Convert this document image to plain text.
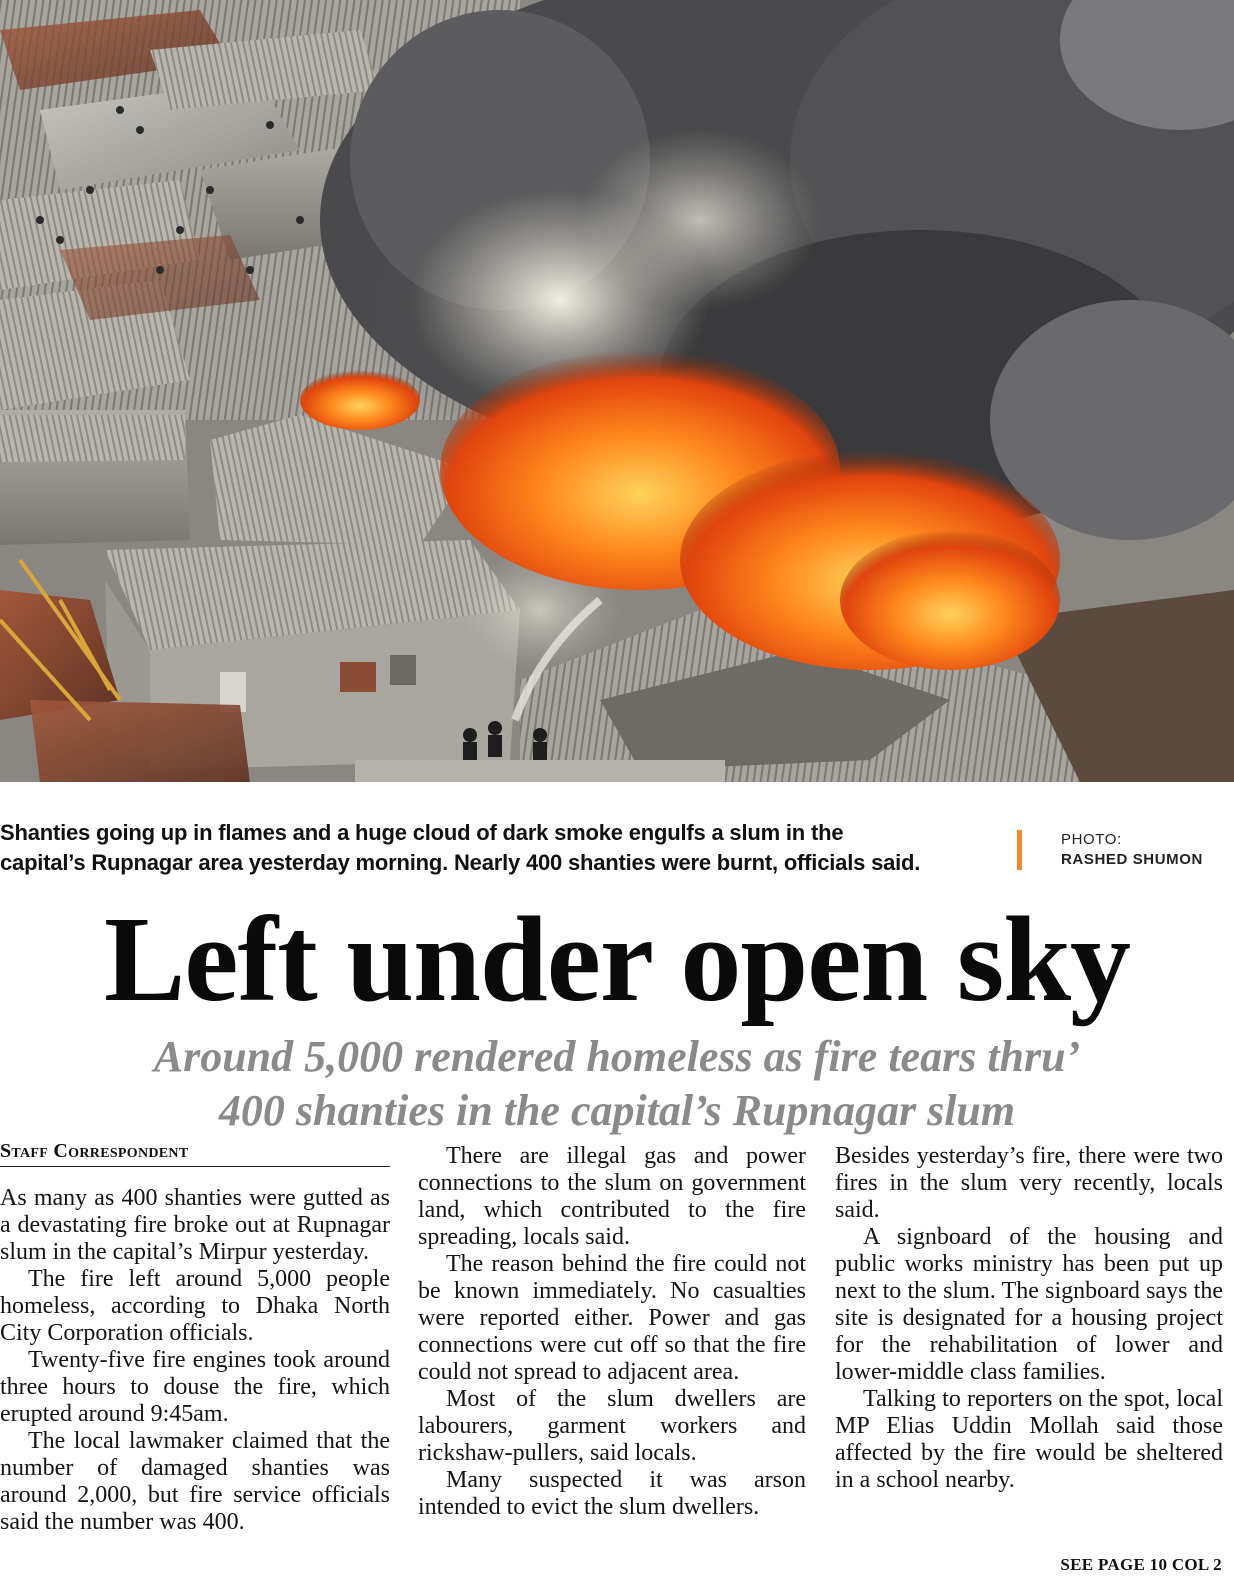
Shanties going up in flames and a huge cloud of dark smoke engulfs a slum in the
capital’s Rupnagar area yesterday morning. Nearly 400 shanties were burnt, officials said.
PHOTO:
RASHED SHUMON
Left under open sky
Around 5,000 rendered homeless as fire tears thru’
400 shanties in the capital’s Rupnagar slum
Staff Correspondent

As many as 400 shanties were gutted as a devastating fire broke out at Rupnagar slum in the capital’s Mirpur yesterday.

The fire left around 5,000 people homeless, according to Dhaka North City Corporation officials.

Twenty-five fire engines took around three hours to douse the fire, which erupted around 9:45am.

The local lawmaker claimed that the number of damaged shanties was around 2,000, but fire service officials said the number was 400.

There are illegal gas and power connections to the slum on government land, which contributed to the fire spreading, locals said.

The reason behind the fire could not be known immediately. No casualties were reported either. Power and gas connections were cut off so that the fire could not spread to adjacent area.

Most of the slum dwellers are labourers, garment workers and rickshaw-pullers, said locals.

Many suspected it was arson intended to evict the slum dwellers.

Besides yesterday’s fire, there were two fires in the slum very recently, locals said.

A signboard of the housing and public works ministry has been put up next to the slum. The signboard says the site is designated for a housing project for the rehabilitation of lower and lower-middle class families.

Talking to reporters on the spot, local MP Elias Uddin Mollah said those affected by the fire would be sheltered in a school nearby.

SEE PAGE 10 COL 2
